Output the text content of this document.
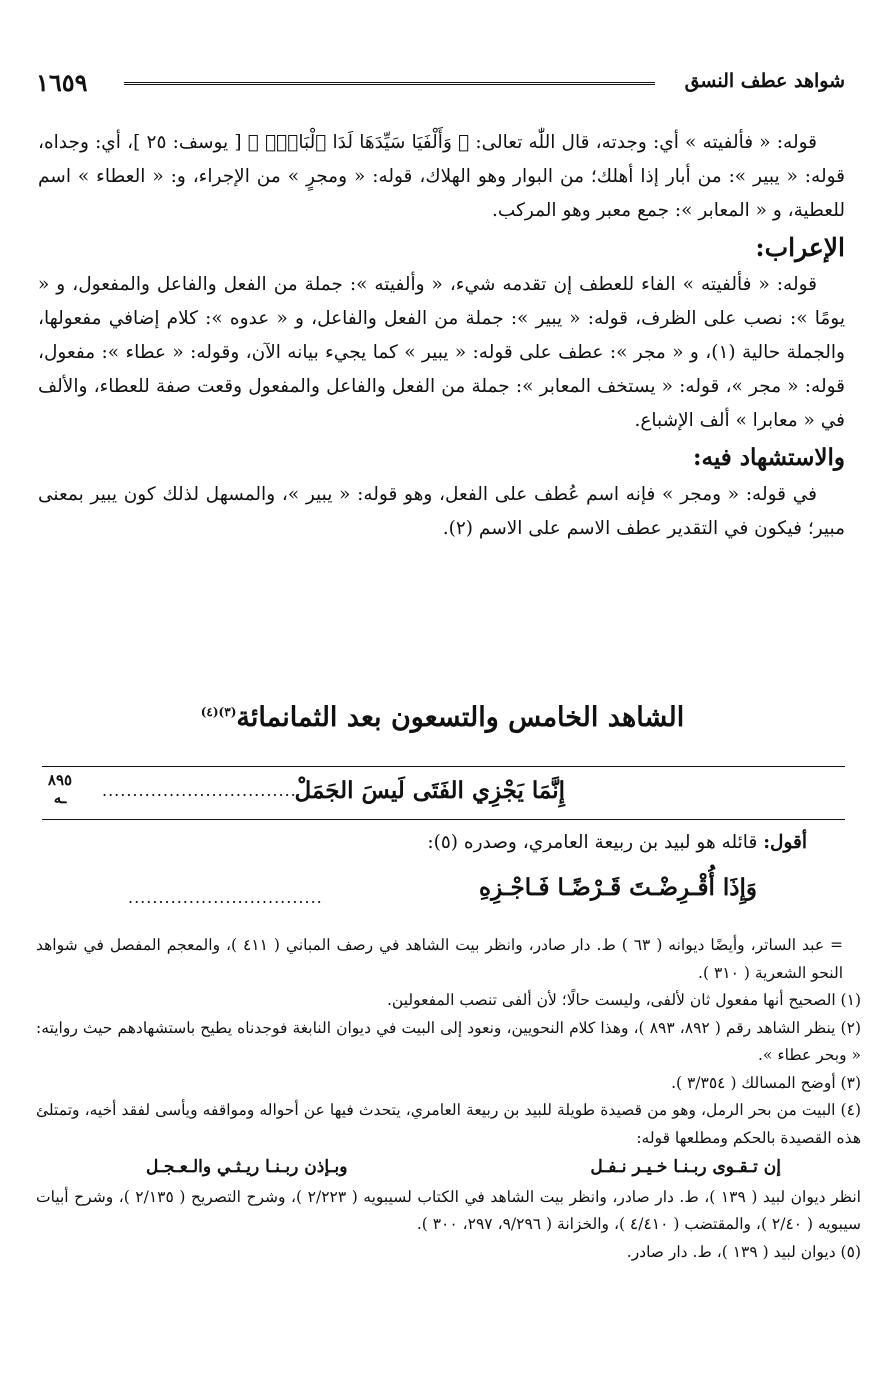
شواهد عطف النسق
١٦٥٩

قوله: « فألفيته » أي: وجدته، قال اللّٰه تعالى: ﴿ وَأَلْفَيَا سَيِّدَهَا لَدَا ٱلْبَابِۚ ﴾ [ يوسف: ٢٥ ]، أي: وجداه، قوله: « يبير »: من أبار إذا أهلك؛ من البوار وهو الهلاك، قوله: « ومجرٍ » من الإجراء، و: « العطاء » اسم للعطية، و « المعابر »: جمع معبر وهو المركب.

الإعراب:

قوله: « فألفيته » الفاء للعطف إن تقدمه شيء، « وألفيته »: جملة من الفعل والفاعل والمفعول، و « يومًا »: نصب على الظرف، قوله: « يبير »: جملة من الفعل والفاعل، و « عدوه »: كلام إضافي مفعولها، والجملة حالية (١)، و « مجر »: عطف على قوله: « يبير » كما يجيء بيانه الآن، وقوله: « عطاء »: مفعول، قوله: « مجر »، قوله: « يستخف المعابر »: جملة من الفعل والفاعل والمفعول وقعت صفة للعطاء، والألف في « معابرا » ألف الإشباع.

والاستشهاد فيه:

في قوله: « ومجر » فإنه اسم عُطف على الفعل، وهو قوله: « يبير »، والمسهل لذلك كون يبير بمعنى مبير؛ فيكون في التقدير عطف الاسم على الاسم (٢).

الشاهد الخامس والتسعون بعد الثمانمائة$^{(٣)(٤)}$
٨٩٥
ـه	................................
إِنَّمَا يَجْزِي الفَتَى لَيسَ الجَمَلْ
أقول: قائله هو لبيد بن ربيعة العامري، وصدره (٥):
وَإِذَا أُقْـرِضْـتَ قَـرْضًـا فَـاجْـزِهِ
................................

= عبد الساتر، وأيضًا ديوانه ( ٦٣ ) ط. دار صادر، وانظر بيت الشاهد في رصف المباني ( ٤١١ )، والمعجم المفصل في شواهد النحو الشعرية ( ٣١٠ ).

(١) الصحيح أنها مفعول ثان لألفى، وليست حالًا؛ لأن ألفى تنصب المفعولين.

(٢) ينظر الشاهد رقم ( ٨٩٢، ٨٩٣ )، وهذا كلام النحويين، ونعود إلى البيت في ديوان النابغة فوجدناه يطيح باستشهادهم حيث روايته: « وبحر عطاء ».

(٣) أوضح المسالك ( ٣/٣٥٤ ).

(٤) البيت من بحر الرمل، وهو من قصيدة طويلة للبيد بن ربيعة العامري، يتحدث فيها عن أحواله ومواقفه ويأسى لفقد أخيه، وتمتلئ هذه القصيدة بالحكم ومطلعها قوله:

إن تـقـوى ربـنـا خـيـر نـفـل
وبـإذن ربـنـا ريـثـي والـعـجـل

انظر ديوان لبيد ( ١٣٩ )، ط. دار صادر، وانظر بيت الشاهد في الكتاب لسيبويه ( ٢/٢٢٣ )، وشرح التصريح ( ٢/١٣٥ )، وشرح أبيات سيبويه ( ٢/٤٠ )، والمقتضب ( ٤/٤١٠ )، والخزانة ( ٩/٢٩٦، ٢٩٧، ٣٠٠ ).

(٥) ديوان لبيد ( ١٣٩ )، ط. دار صادر.
